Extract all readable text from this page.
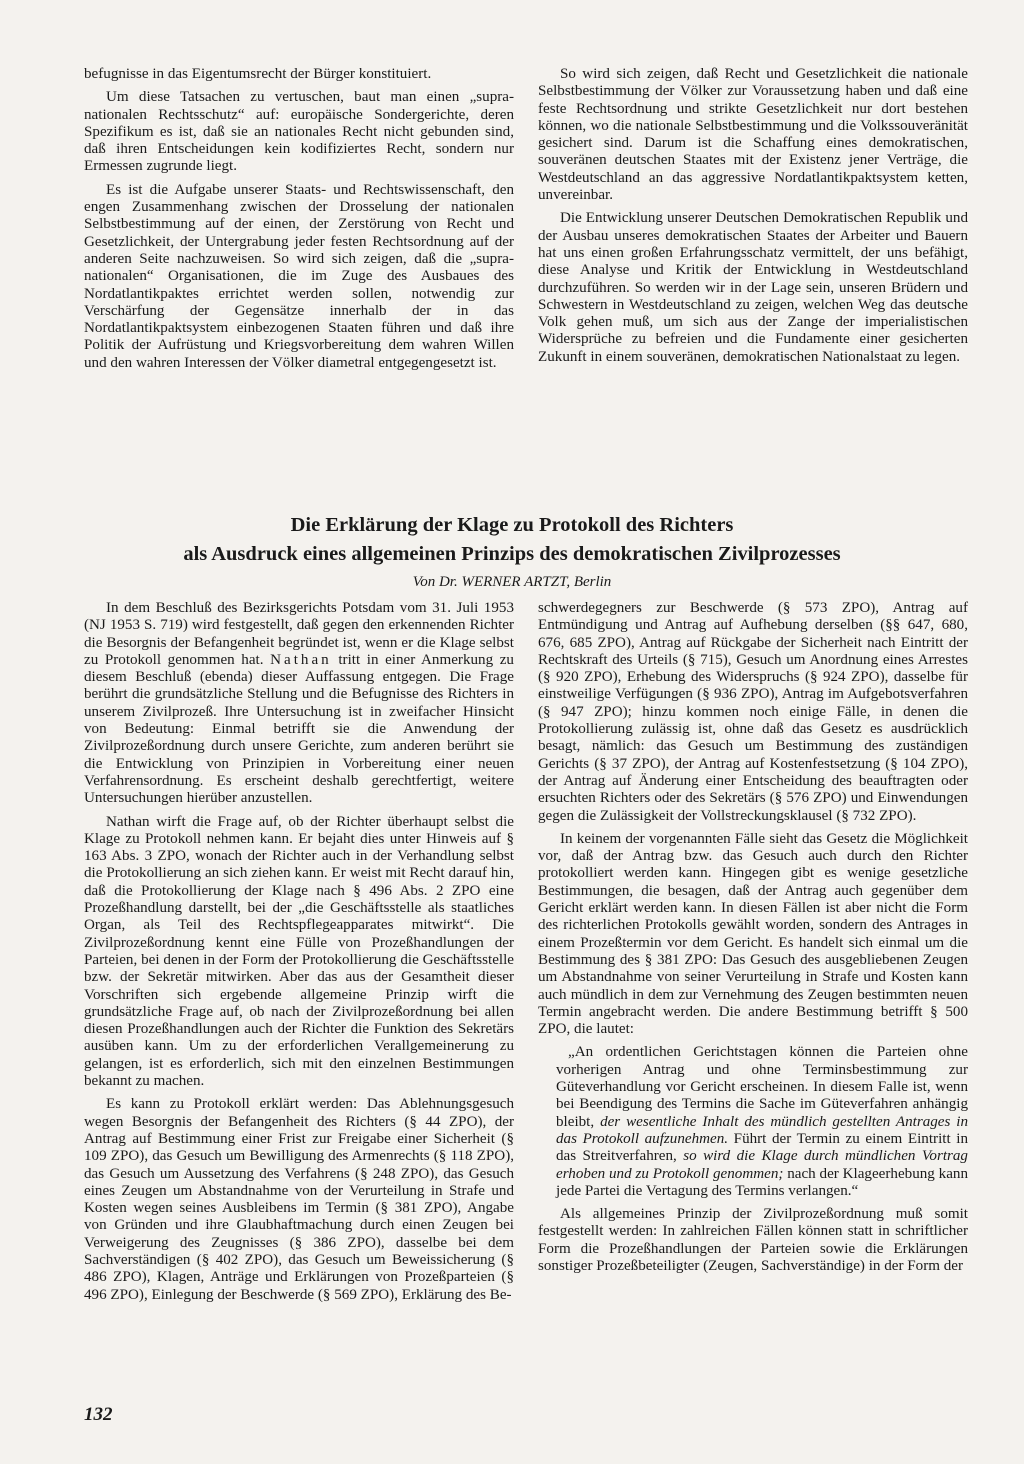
befugnisse in das Eigentumsrecht der Bürger konstituiert.

Um diese Tatsachen zu vertuschen, baut man einen „supra-nationalen Rechtsschutz“ auf: europäische Sondergerichte, deren Spezifikum es ist, daß sie an nationales Recht nicht gebunden sind, daß ihren Entscheidungen kein kodifiziertes Recht, sondern nur Ermessen zugrunde liegt.

Es ist die Aufgabe unserer Staats- und Rechtswissenschaft, den engen Zusammenhang zwischen der Drosselung der nationalen Selbstbestimmung auf der einen, der Zerstörung von Recht und Gesetzlichkeit, der Untergrabung jeder festen Rechtsordnung auf der anderen Seite nachzuweisen. So wird sich zeigen, daß die „supra-nationalen“ Organisationen, die im Zuge des Ausbaues des Nordatlantikpaktes errichtet werden sollen, notwendig zur Verschärfung der Gegensätze innerhalb der in das Nordatlantikpaktsystem einbezogenen Staaten führen und daß ihre Politik der Aufrüstung und Kriegsvorbereitung dem wahren Willen und den wahren Interessen der Völker diametral entgegengesetzt ist.

So wird sich zeigen, daß Recht und Gesetzlichkeit die nationale Selbstbestimmung der Völker zur Voraussetzung haben und daß eine feste Rechtsordnung und strikte Gesetzlichkeit nur dort bestehen können, wo die nationale Selbstbestimmung und die Volkssouveränität gesichert sind. Darum ist die Schaffung eines demokratischen, souveränen deutschen Staates mit der Existenz jener Verträge, die Westdeutschland an das aggressive Nordatlantikpaktsystem ketten, unvereinbar.

Die Entwicklung unserer Deutschen Demokratischen Republik und der Ausbau unseres demokratischen Staates der Arbeiter und Bauern hat uns einen großen Erfahrungsschatz vermittelt, der uns befähigt, diese Analyse und Kritik der Entwicklung in Westdeutschland durchzuführen. So werden wir in der Lage sein, unseren Brüdern und Schwestern in Westdeutschland zu zeigen, welchen Weg das deutsche Volk gehen muß, um sich aus der Zange der imperialistischen Widersprüche zu befreien und die Fundamente einer gesicherten Zukunft in einem souveränen, demokratischen Nationalstaat zu legen.

Die Erklärung der Klage zu Protokoll des Richters
als Ausdruck eines allgemeinen Prinzips des demokratischen Zivilprozesses
Von Dr. WERNER ARTZT, Berlin

In dem Beschluß des Bezirksgerichts Potsdam vom 31. Juli 1953 (NJ 1953 S. 719) wird festgestellt, daß gegen den erkennenden Richter die Besorgnis der Befangenheit begründet ist, wenn er die Klage selbst zu Protokoll genommen hat. Nathan tritt in einer Anmerkung zu diesem Beschluß (ebenda) dieser Auffassung entgegen. Die Frage berührt die grundsätzliche Stellung und die Befugnisse des Richters in unserem Zivilprozeß. Ihre Untersuchung ist in zweifacher Hinsicht von Bedeutung: Einmal betrifft sie die Anwendung der Zivilprozeßordnung durch unsere Gerichte, zum anderen berührt sie die Entwicklung von Prinzipien in Vorbereitung einer neuen Verfahrensordnung. Es erscheint deshalb gerechtfertigt, weitere Untersuchungen hierüber anzustellen.

Nathan wirft die Frage auf, ob der Richter überhaupt selbst die Klage zu Protokoll nehmen kann. Er bejaht dies unter Hinweis auf § 163 Abs. 3 ZPO, wonach der Richter auch in der Verhandlung selbst die Protokollierung an sich ziehen kann. Er weist mit Recht darauf hin, daß die Protokollierung der Klage nach § 496 Abs. 2 ZPO eine Prozeßhandlung darstellt, bei der „die Geschäftsstelle als staatliches Organ, als Teil des Rechtspflegeapparates mitwirkt“. Die Zivilprozeßordnung kennt eine Fülle von Prozeßhandlungen der Parteien, bei denen in der Form der Protokollierung die Geschäftsstelle bzw. der Sekretär mitwirken. Aber das aus der Gesamtheit dieser Vorschriften sich ergebende allgemeine Prinzip wirft die grundsätzliche Frage auf, ob nach der Zivilprozeßordnung bei allen diesen Prozeßhandlungen auch der Richter die Funktion des Sekretärs ausüben kann. Um zu der erforderlichen Verallgemeinerung zu gelangen, ist es erforderlich, sich mit den einzelnen Bestimmungen bekannt zu machen.

Es kann zu Protokoll erklärt werden: Das Ablehnungsgesuch wegen Besorgnis der Befangenheit des Richters (§ 44 ZPO), der Antrag auf Bestimmung einer Frist zur Freigabe einer Sicherheit (§ 109 ZPO), das Gesuch um Bewilligung des Armenrechts (§ 118 ZPO), das Gesuch um Aussetzung des Verfahrens (§ 248 ZPO), das Gesuch eines Zeugen um Abstandnahme von der Verurteilung in Strafe und Kosten wegen seines Ausbleibens im Termin (§ 381 ZPO), Angabe von Gründen und ihre Glaubhaftmachung durch einen Zeugen bei Verweigerung des Zeugnisses (§ 386 ZPO), dasselbe bei dem Sachverständigen (§ 402 ZPO), das Gesuch um Beweissicherung (§ 486 ZPO), Klagen, Anträge und Erklärungen von Prozeßparteien (§ 496 ZPO), Einlegung der Beschwerde (§ 569 ZPO), Erklärung des Be-

schwerdegegners zur Beschwerde (§ 573 ZPO), Antrag auf Entmündigung und Antrag auf Aufhebung derselben (§§ 647, 680, 676, 685 ZPO), Antrag auf Rückgabe der Sicherheit nach Eintritt der Rechtskraft des Urteils (§ 715), Gesuch um Anordnung eines Arrestes (§ 920 ZPO), Erhebung des Widerspruchs (§ 924 ZPO), dasselbe für einstweilige Verfügungen (§ 936 ZPO), Antrag im Aufgebotsverfahren (§ 947 ZPO); hinzu kommen noch einige Fälle, in denen die Protokollierung zulässig ist, ohne daß das Gesetz es ausdrücklich besagt, nämlich: das Gesuch um Bestimmung des zuständigen Gerichts (§ 37 ZPO), der Antrag auf Kostenfestsetzung (§ 104 ZPO), der Antrag auf Änderung einer Entscheidung des beauftragten oder ersuchten Richters oder des Sekretärs (§ 576 ZPO) und Einwendungen gegen die Zulässigkeit der Vollstreckungsklausel (§ 732 ZPO).

In keinem der vorgenannten Fälle sieht das Gesetz die Möglichkeit vor, daß der Antrag bzw. das Gesuch auch durch den Richter protokolliert werden kann. Hingegen gibt es wenige gesetzliche Bestimmungen, die besagen, daß der Antrag auch gegenüber dem Gericht erklärt werden kann. In diesen Fällen ist aber nicht die Form des richterlichen Protokolls gewählt worden, sondern des Antrages in einem Prozeßtermin vor dem Gericht. Es handelt sich einmal um die Bestimmung des § 381 ZPO: Das Gesuch des ausgebliebenen Zeugen um Abstandnahme von seiner Verurteilung in Strafe und Kosten kann auch mündlich in dem zur Vernehmung des Zeugen bestimmten neuen Termin angebracht werden. Die andere Bestimmung betrifft § 500 ZPO, die lautet:

„An ordentlichen Gerichtstagen können die Parteien ohne vorherigen Antrag und ohne Terminsbestimmung zur Güteverhandlung vor Gericht erscheinen. In diesem Falle ist, wenn bei Beendigung des Termins die Sache im Güteverfahren anhängig bleibt, der wesentliche Inhalt des mündlich gestellten Antrages in das Protokoll aufzunehmen. Führt der Termin zu einem Eintritt in das Streitverfahren, so wird die Klage durch mündlichen Vortrag erhoben und zu Protokoll genommen; nach der Klageerhebung kann jede Partei die Vertagung des Termins verlangen.“

Als allgemeines Prinzip der Zivilprozeßordnung muß somit festgestellt werden: In zahlreichen Fällen können statt in schriftlicher Form die Prozeßhandlungen der Parteien sowie die Erklärungen sonstiger Prozeßbeteiligter (Zeugen, Sachverständige) in der Form der

132
